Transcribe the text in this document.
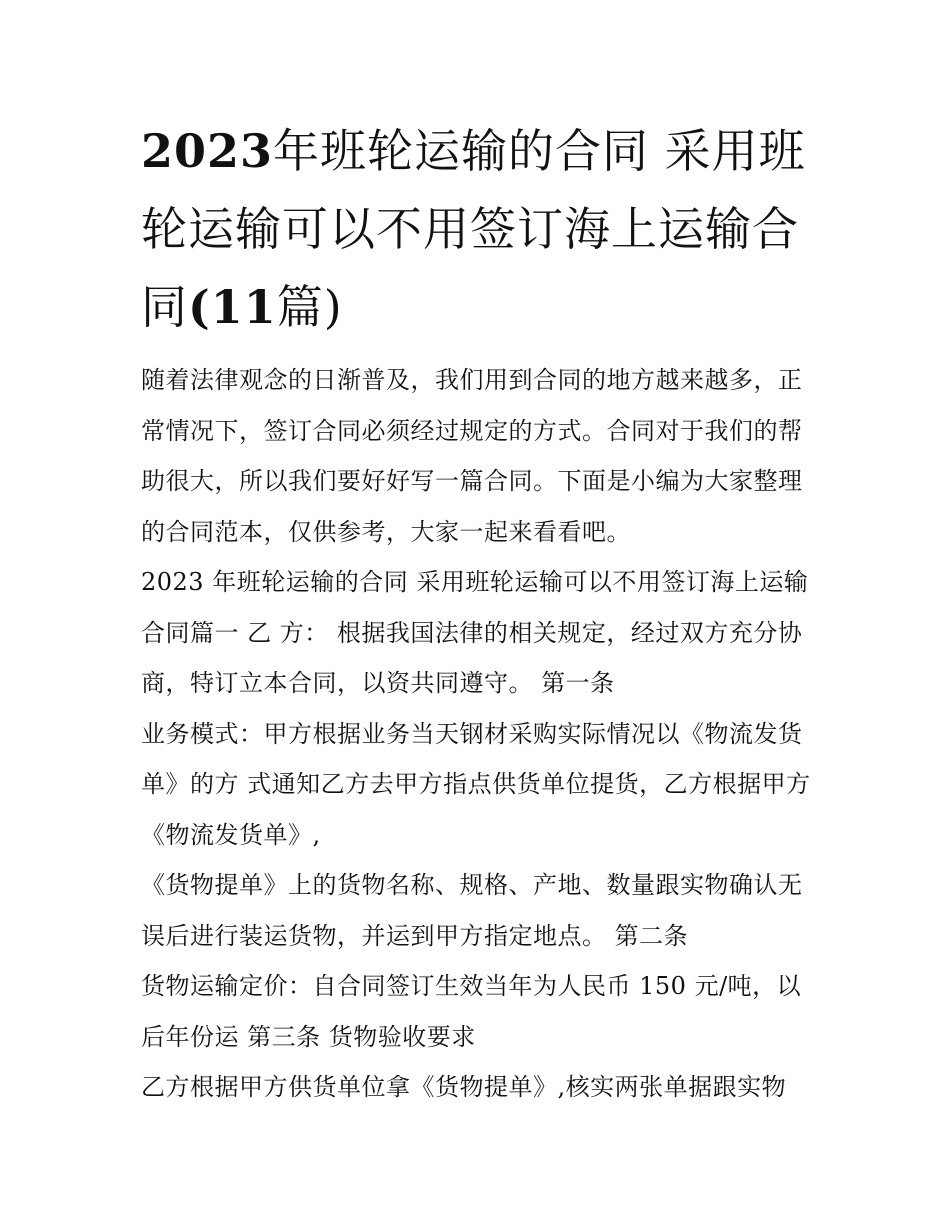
2023年班轮运输的合同 采用班轮运输可以不用签订海上运输合同(11篇)

随着法律观念的日渐普及，我们用到合同的地方越来越多，正常情况下，签订合同必须经过规定的方式。合同对于我们的帮助很大，所以我们要好好写一篇合同。下面是小编为大家整理的合同范本，仅供参考，大家一起来看看吧。

2023 年班轮运输的合同 采用班轮运输可以不用签订海上运输合同篇一 乙 方： 根据我国法律的相关规定，经过双方充分协商，特订立本合同，以资共同遵守。 第一条

业务模式：甲方根据业务当天钢材采购实际情况以《物流发货单》的方 式通知乙方去甲方指点供货单位提货，乙方根据甲方《物流发货单》,

《货物提单》上的货物名称、规格、产地、数量跟实物确认无误后进行装运货物，并运到甲方指定地点。 第二条

货物运输定价：自合同签订生效当年为人民币 150 元/吨，以后年份运 第三条 货物验收要求

乙方根据甲方供货单位拿《货物提单》,核实两张单据跟实物
